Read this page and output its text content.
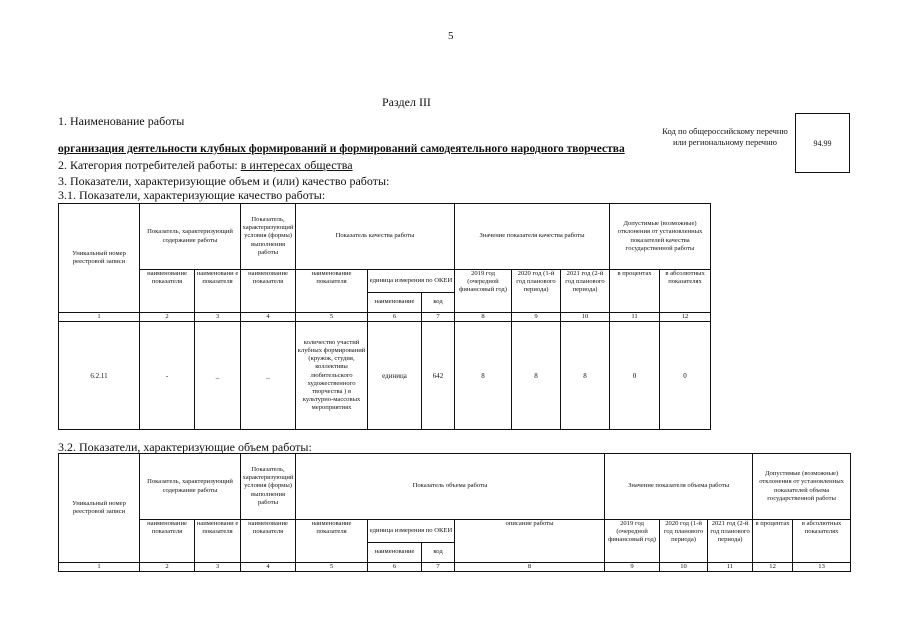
5
Раздел III
1. Наименование работы
организация деятельности клубных формирований и формирований самодеятельного народного творчества
2. Категория потребителей работы: в интересах общества
3. Показатели, характеризующие объем и (или) качество работы:
3.1. Показатели, характеризующие качество работы:
Код по общероссийскому перечню или региональному перечню	94.99
Уникальный номер реестровой записи	Показатель, характеризующий содержание работы		Показатель, характеризующий условия (формы) выполнения работы	Показатель качества работы			Значение показателя качества работы			Допустимые (возможные) отклонения от установленных показателей качества государственной работы	
	наименование показателя	наименовани е показателя	наименование показателя	наименование показателя	единица измерения по ОКЕИ		2019 год (очередной финансовый год)	2020 год (1-й год планового периода)	2021 год (2-й год планового периода)	в процентах	в абсолютных показателях
					наименование	код					
1	2	3	4	5	6	7	8	9	10	11	12
6.2.11	-	_	_	количество участий клубных формирований (кружок, студия, коллективы любительского художественного творчества ) в культурно-массовых мероприятиях	единица	642	8	8	8	0	0
3.2. Показатели, характеризующие объем работы:
Уникальный номер реестровой записи	Показатель, характеризующий содержание работы		Показатель, характеризующий условия (формы) выполнения работы	Показатель объема работы				Значение показателя объема работы			Допустимые (возможные) отклонения от установленных показателей объема государственной работы	
	наименование показателя	наименовани е показателя	наименование показателя	наименование показателя	единица измерения по ОКЕИ		описание работы	2019 год (очередной финансовый год)	2020 год (1-й год планового периода)	2021 год (2-й год планового периода)	в процентах	в абсолютных показателях
					наименование	код						
1	2	3	4	5	6	7	8	9	10	11	12	13
